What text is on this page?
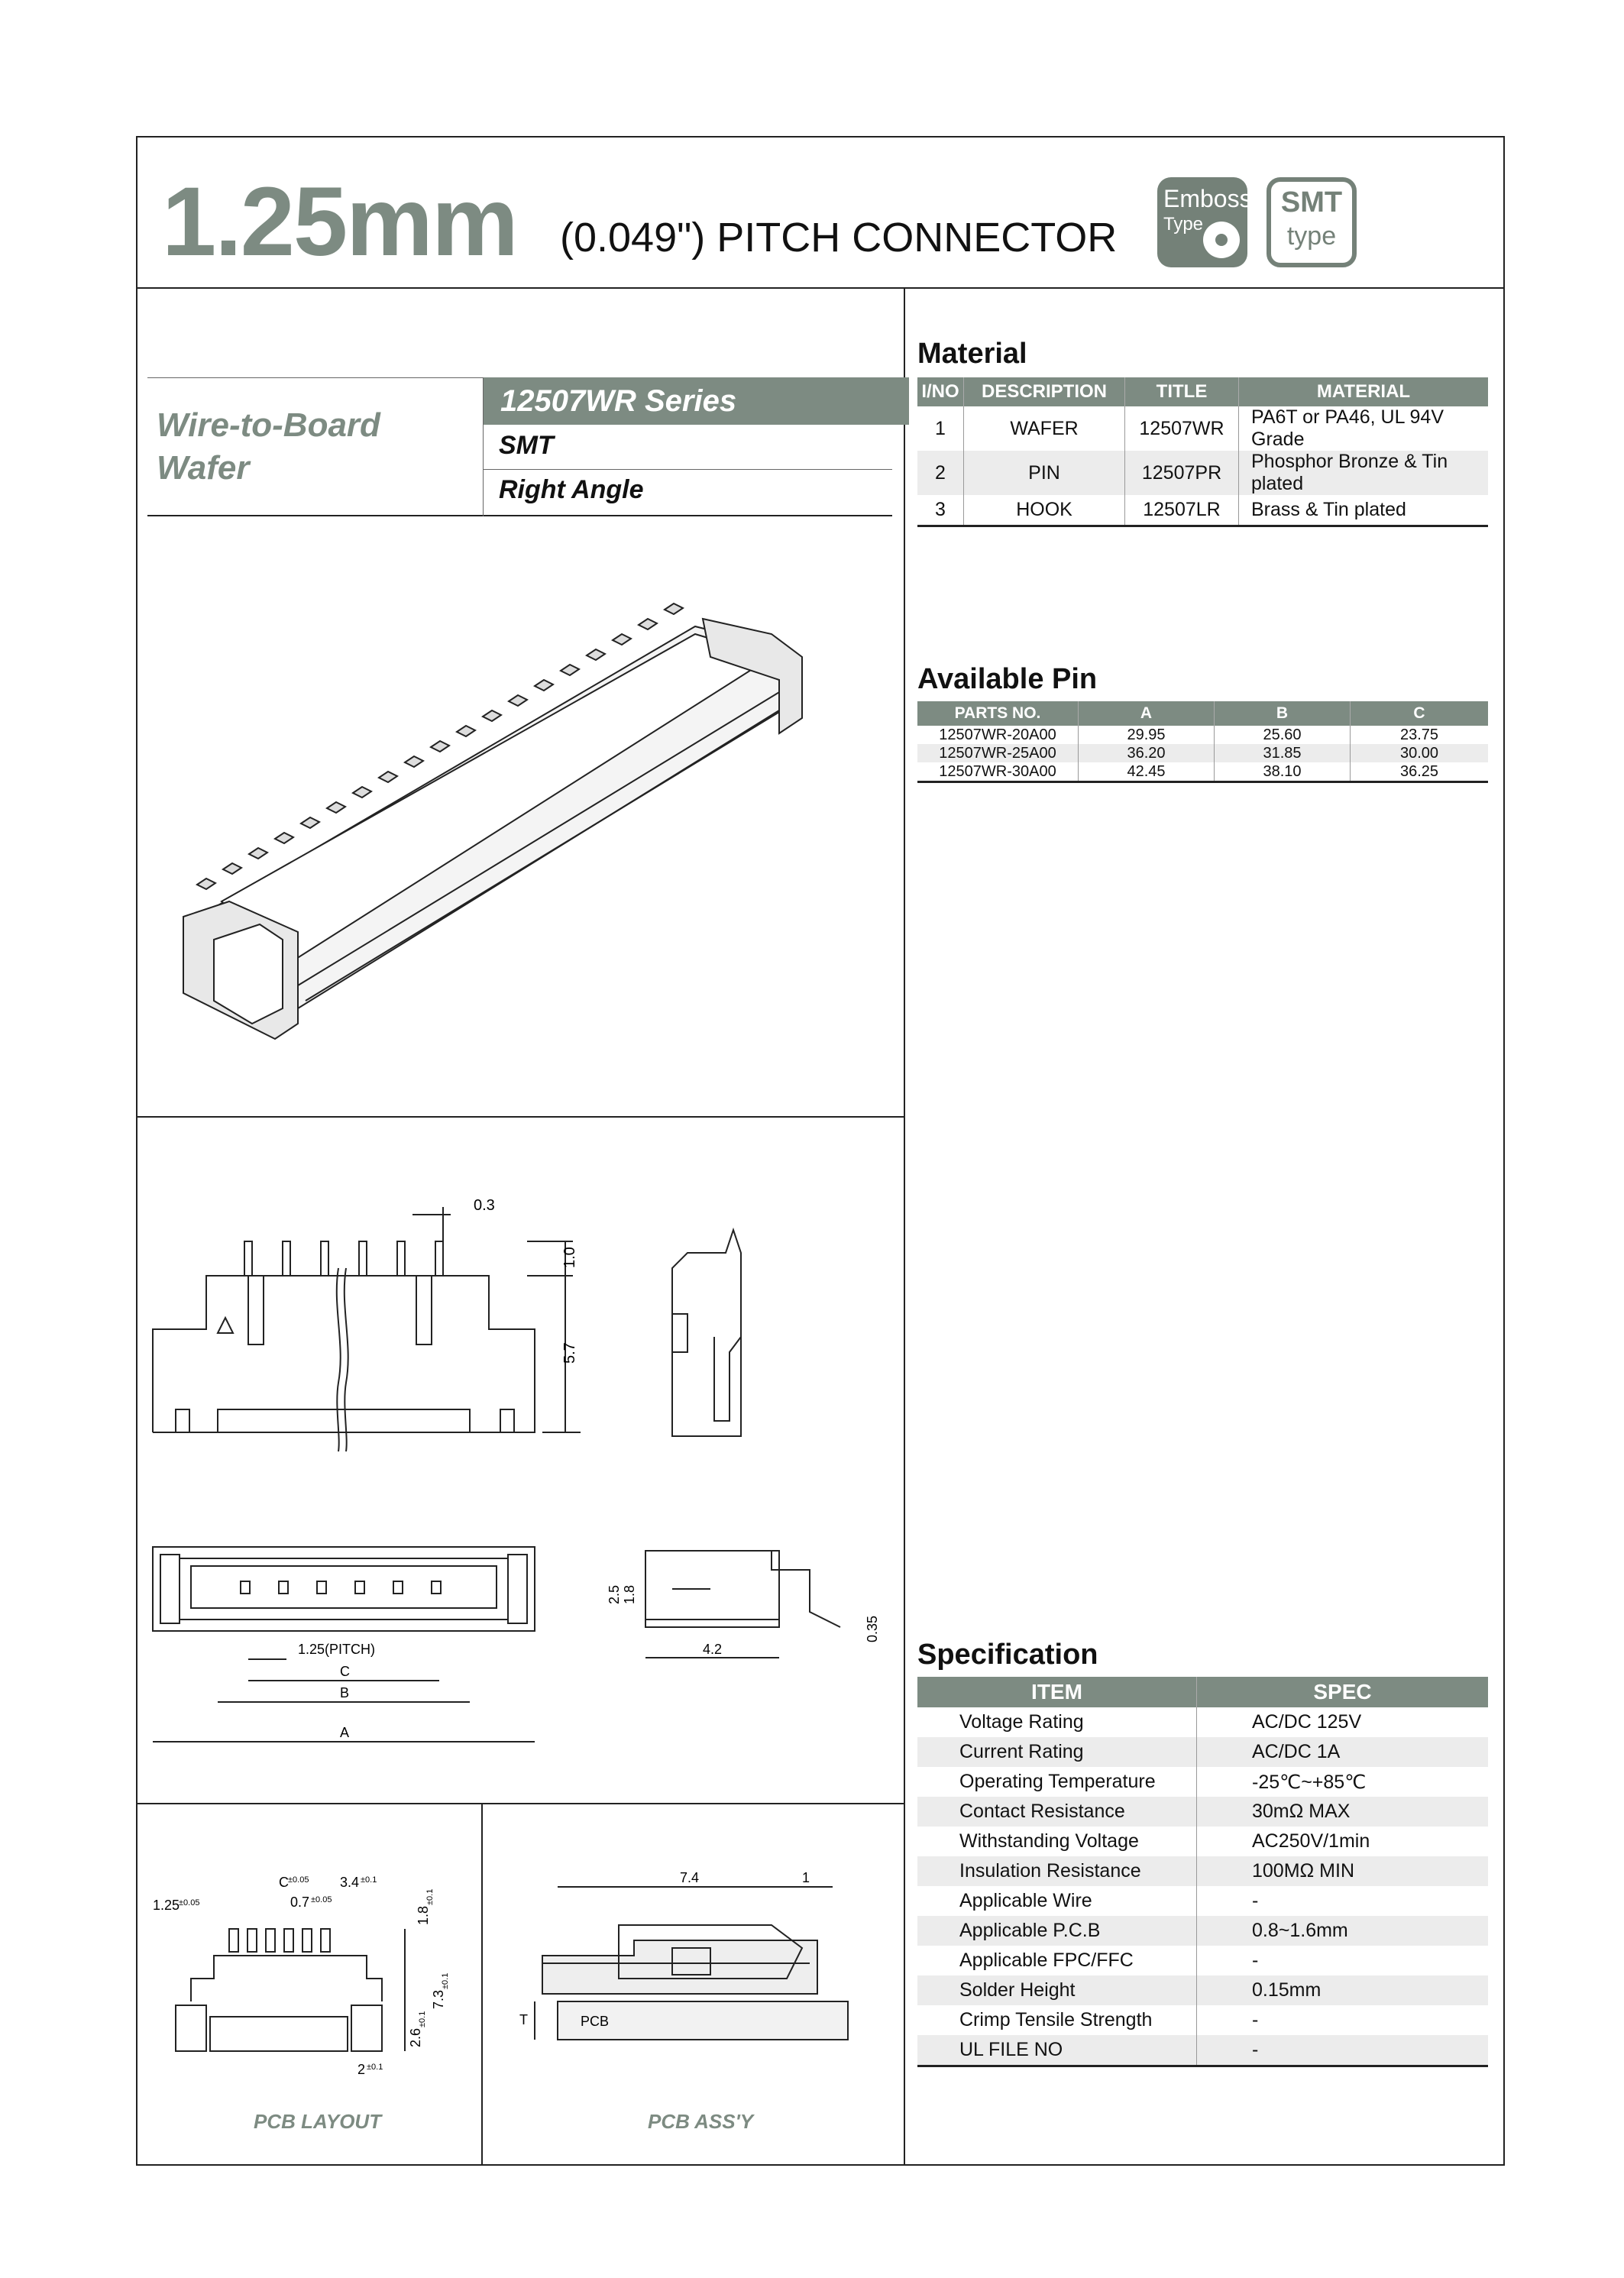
1.25mm (0.049") PITCH CONNECTOR
Emboss
Type
SMT
type
Wire-to-Board
Wafer
12507WR Series
SMT
Right Angle
0.3
1.0
5.7
1.25(PITCH)
C
B
A
2.5 1.8
0.35
4.2
1.25
±0.05
C ±0.05 3.4 ±0.1
0.7 ±0.05
1.8
±0.1
7.3
±0.1
2.6
±0.1
2 ±0.1
PCB LAYOUT
7.4	1
T	PCB
PCB ASS'Y
Material
I/NO	DESCRIPTION	TITLE	MATERIAL
1	WAFER	12507WR	PA6T or PA46, UL 94V Grade
2	PIN	12507PR	Phosphor Bronze & Tin plated
3	HOOK	12507LR	Brass & Tin plated
Available Pin
PARTS NO.	A	B	C
12507WR-20A00	29.95	25.60	23.75
12507WR-25A00	36.20	31.85	30.00
12507WR-30A00	42.45	38.10	36.25
Specification
ITEM	SPEC
Voltage Rating	AC/DC 125V
Current Rating	AC/DC 1A
Operating Temperature	-25℃~+85℃
Contact Resistance	30mΩ MAX
Withstanding Voltage	AC250V/1min
Insulation Resistance	100MΩ MIN
Applicable Wire	-
Applicable P.C.B	0.8~1.6mm
Applicable FPC/FFC	-
Solder Height	0.15mm
Crimp Tensile Strength	-
UL FILE NO	-
